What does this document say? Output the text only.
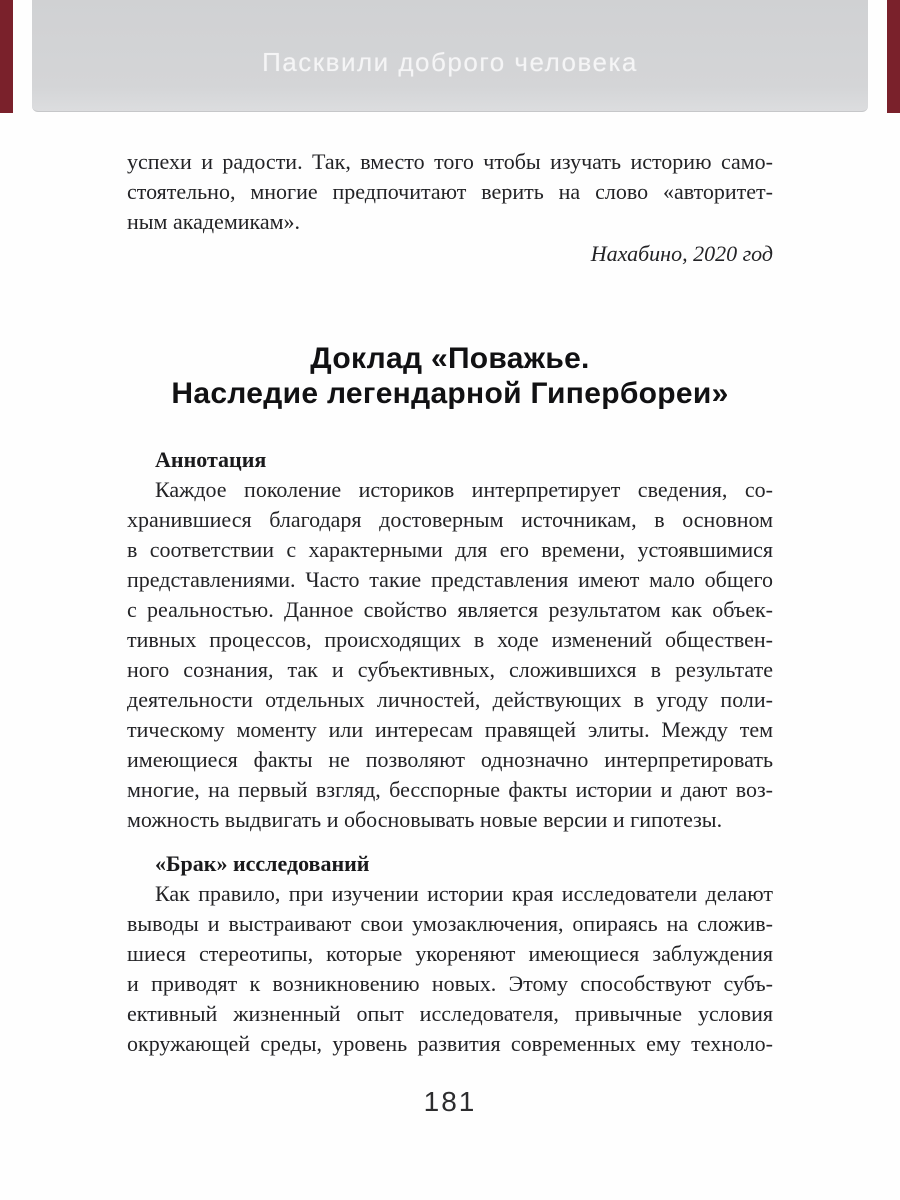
Пасквили доброго человека
успехи и радости. Так, вместо того чтобы изучать историю само-
стоятельно, многие предпочитают верить на слово «авторитет-
ным академикам».
Нахабино, 2020 год
Доклад «Поважье.
Наследие легендарной Гипербореи»
Аннотация
Каждое поколение историков интерпретирует сведения, со-
хранившиеся благодаря достоверным источникам, в основном
в соответствии с характерными для его времени, устоявшимися
представлениями. Часто такие представления имеют мало общего
с реальностью. Данное свойство является результатом как объек-
тивных процессов, происходящих в ходе изменений обществен-
ного сознания, так и субъективных, сложившихся в результате
деятельности отдельных личностей, действующих в угоду поли-
тическому моменту или интересам правящей элиты. Между тем
имеющиеся факты не позволяют однозначно интерпретировать
многие, на первый взгляд, бесспорные факты истории и дают воз-
можность выдвигать и обосновывать новые версии и гипотезы.
«Брак» исследований
Как правило, при изучении истории края исследователи делают
выводы и выстраивают свои умозаключения, опираясь на сложив-
шиеся стереотипы, которые укореняют имеющиеся заблуждения
и приводят к возникновению новых. Этому способствуют субъ-
ективный жизненный опыт исследователя, привычные условия
окружающей среды, уровень развития современных ему техноло-
181
